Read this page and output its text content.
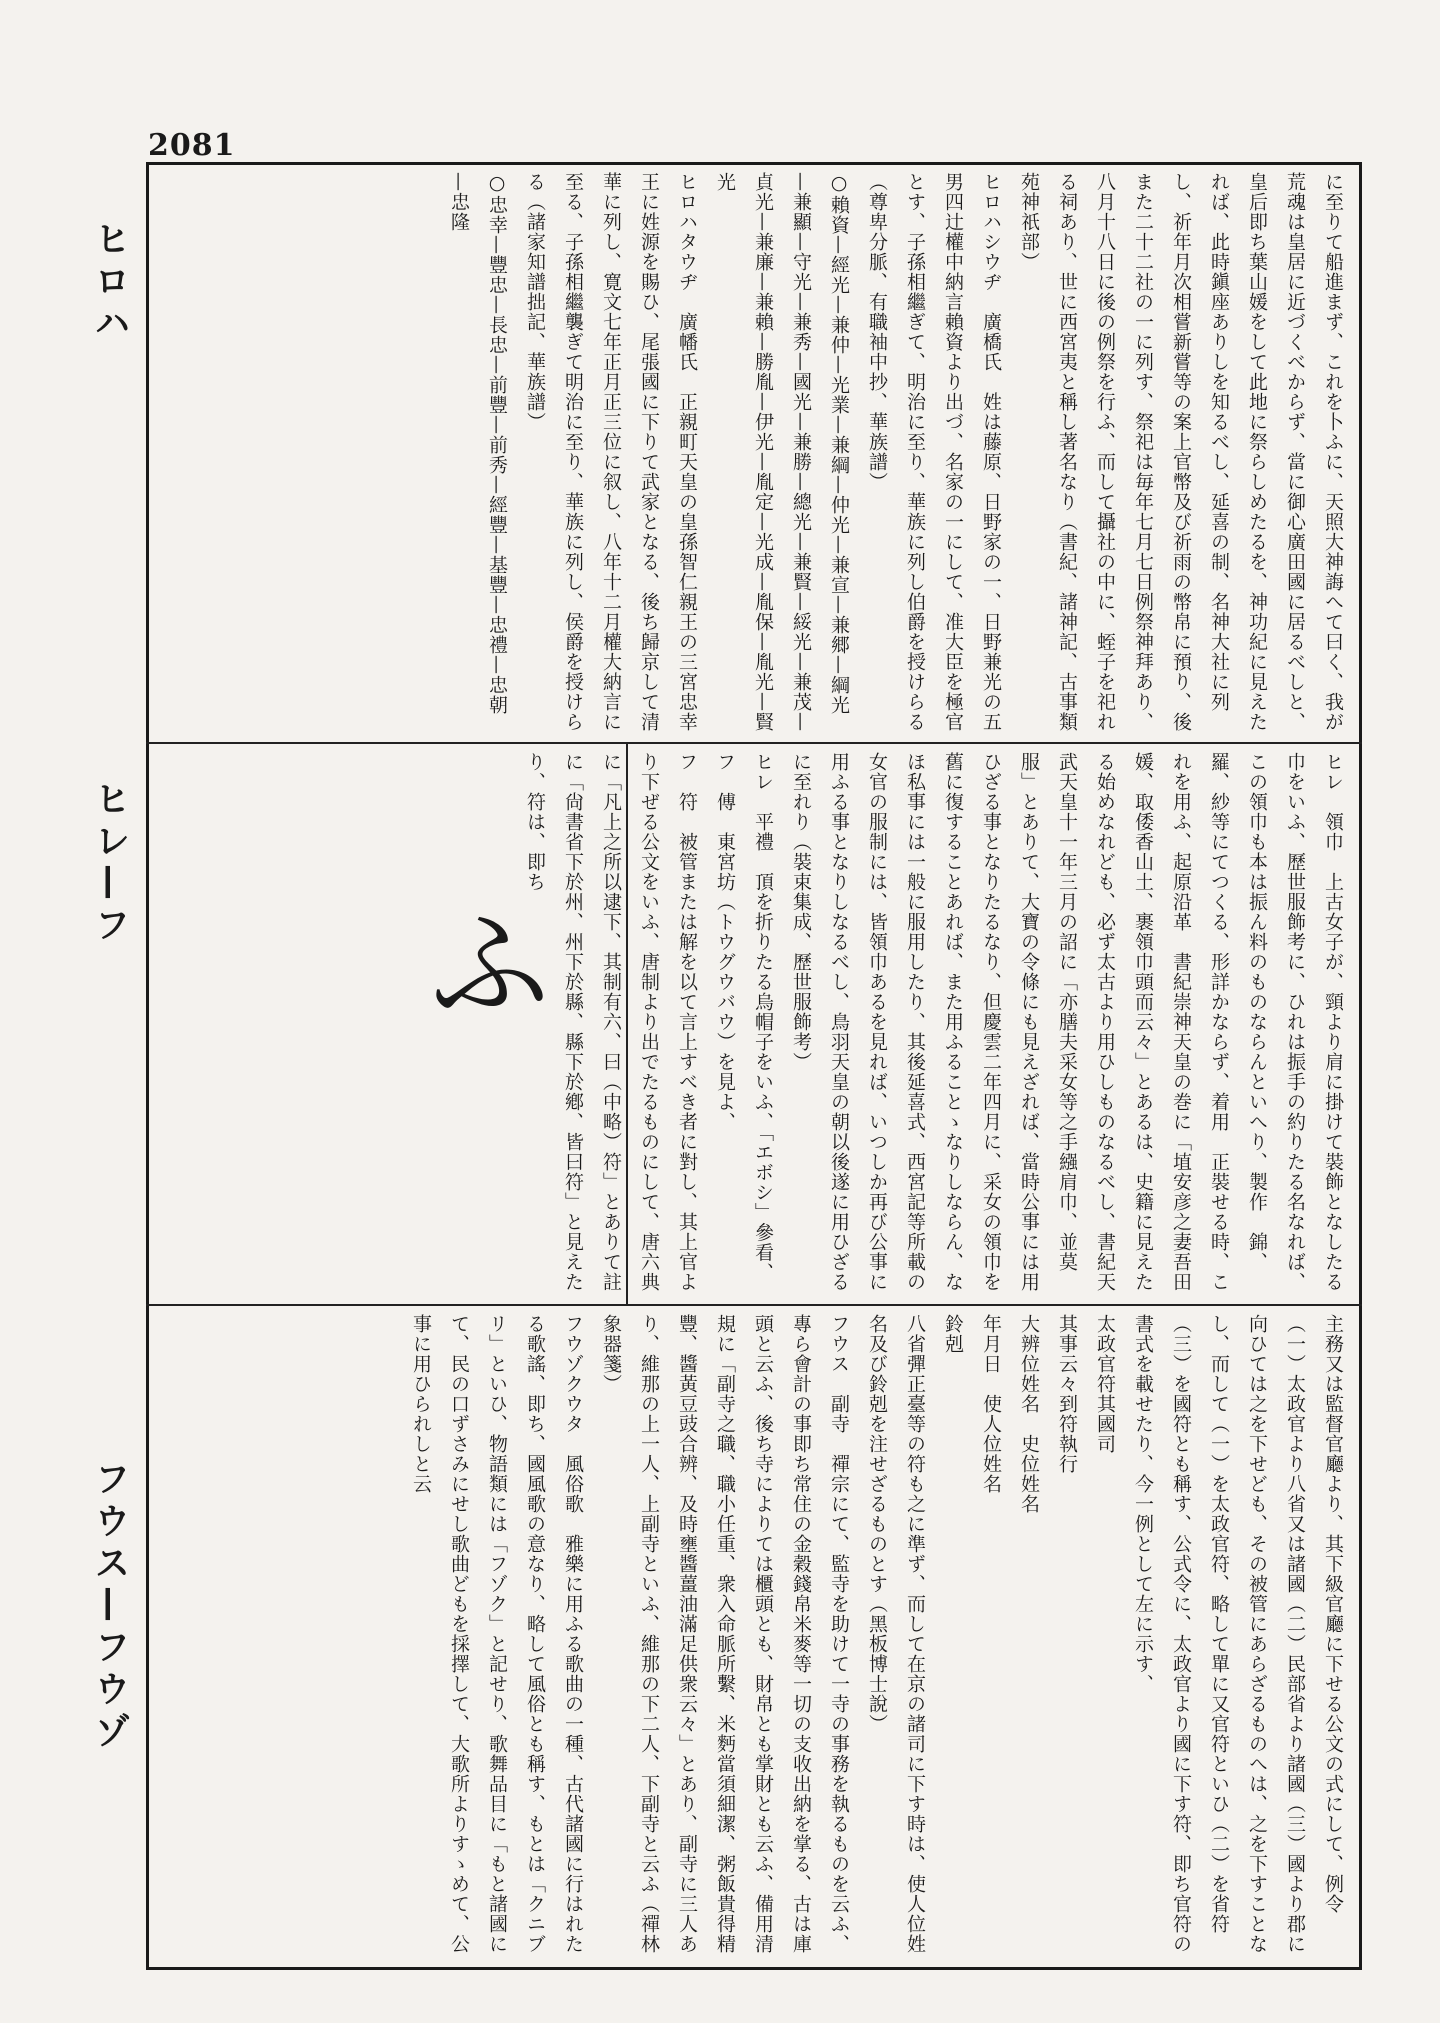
2081
ヒロハ
ヒレ—フ
フウス—フウゾ
に至りて船進まず、これを卜ふに、天照大神誨へて曰く、我が荒魂は皇居に近づくべからず、當に御心廣田國に居るべしと、皇后即ち葉山媛をして此地に祭らしめたるを、神功紀に見えたれば、此時鎭座ありしを知るべし、延喜の制、名神大社に列し、祈年月次相嘗新嘗等の案上官幣及び祈雨の幣帛に預り、後また二十二社の一に列す、祭祀は毎年七月七日例祭神拜あり、八月十八日に後の例祭を行ふ、而して攝社の中に、蛭子を祀れる祠あり、世に西宮夷と稱し著名なり（書紀、諸神記、古事類苑神祇部）
ヒロハシウヂ　廣橋氏　姓は藤原、日野家の一、日野兼光の五男四辻權中納言賴資より出づ、名家の一にして、准大臣を極官とす、子孫相繼ぎて、明治に至り、華族に列し伯爵を授けらる（尊卑分脈、有職袖中抄、華族譜）
○賴資—經光—兼仲—光業—兼綱—仲光—兼宣—兼郷—綱光—兼顯—守光—兼秀—國光—兼勝—總光—兼賢—綏光—兼茂—貞光—兼廉—兼賴—勝胤—伊光—胤定—光成—胤保—胤光—賢光
ヒロハタウヂ　廣幡氏　正親町天皇の皇孫智仁親王の三宮忠幸王に姓源を賜ひ、尾張國に下りて武家となる、後ち歸京して清華に列し、寛文七年正月正三位に叙し、八年十二月權大納言に至る、子孫相繼襲ぎて明治に至り、華族に列し、侯爵を授けらる（諸家知譜拙記、華族譜）
○忠幸—豐忠—長忠—前豐—前秀—經豐—基豐—忠禮—忠朝—忠隆
ヒレ　領巾　上古女子が、頸より肩に掛けて裝飾となしたる巾をいふ、歷世服飾考に、ひれは振手の約りたる名なれば、この領巾も本は振ん料のものならんといへり、製作　錦、羅、紗等にてつくる、形詳かならず、着用　正裝せる時、これを用ふ、起原沿革　書紀崇神天皇の巻に「埴安彦之妻吾田媛、取倭香山土、裹領巾頭而云々」とあるは、史籍に見えたる始めなれども、必ず太古より用ひしものなるべし、書紀天武天皇十一年三月の詔に「亦膳夫采女等之手繦肩巾、並莫服」とありて、大寶の令條にも見えざれば、當時公事には用ひざる事となりたるなり、但慶雲二年四月に、采女の領巾を舊に復することあれば、また用ふることゝなりしならん、なほ私事には一般に服用したり、其後延喜式、西宮記等所載の女官の服制には、皆領巾あるを見れば、いつしか再び公事に用ふる事となりしなるべし、鳥羽天皇の朝以後遂に用ひざるに至れり（裝束集成、歷世服飾考）
ヒレ　平禮　頂を折りたる烏帽子をいふ、「エボシ」參看、
フ　傅　東宮坊（トウグウバウ）を見よ、
フ　符　被管または解を以て言上すべき者に對し、其上官より下ぜる公文をいふ、唐制より出でたるものにして、唐六典に「凡上之所以逮下、其制有六、曰（中略）符」とありて註に「尙書省下於州、州下於縣、縣下於鄕、皆曰符」と見えたり、符は、即ち
ふ
主務又は監督官廳より、其下級官廳に下せる公文の式にして、例令（一）太政官より八省又は諸國（二）民部省より諸國（三）國より郡に向ひては之を下せども、その被管にあらざるものへは、之を下すことなし、而して（一）を太政官符、略して單に又官符といひ（二）を省符（三）を國符とも稱す、公式令に、太政官より國に下す符、即ち官符の書式を載せたり、今一例として左に示す、
太政官符其國司
其事云々到符執行
大辨位姓名　史位姓名
年月日　使人位姓名
鈴剋
八省彈正臺等の符も之に準ず、而して在京の諸司に下す時は、使人位姓名及び鈴剋を注せざるものとす（黑板博士說）
フウス　副寺　禪宗にて、監寺を助けて一寺の事務を執るものを云ふ、專ら會計の事即ち常住の金穀錢帛米麥等一切の支收出納を掌る、古は庫頭と云ふ、後ち寺によりては櫃頭とも、財帛とも掌財とも云ふ、備用清規に「副寺之職、職小任重、衆入命脈所繫、米麪當須細潔、粥飯貴得精豐、醬黃豆豉合辨、及時壅醬薑油滿足供衆云々」とあり、副寺に三人あり、維那の上一人、上副寺といふ、維那の下二人、下副寺と云ふ（禪林象器箋）
フウゾクウタ　風俗歌　雅樂に用ふる歌曲の一種、古代諸國に行はれたる歌謠、即ち、國風歌の意なり、略して風俗とも稱す、もとは「クニブリ」といひ、物語類には「フゾク」と記せり、歌舞品目に「もと諸國にて、民の口ずさみにせし歌曲どもを採擇して、大歌所よりすゝめて、公事に用ひられしと云
